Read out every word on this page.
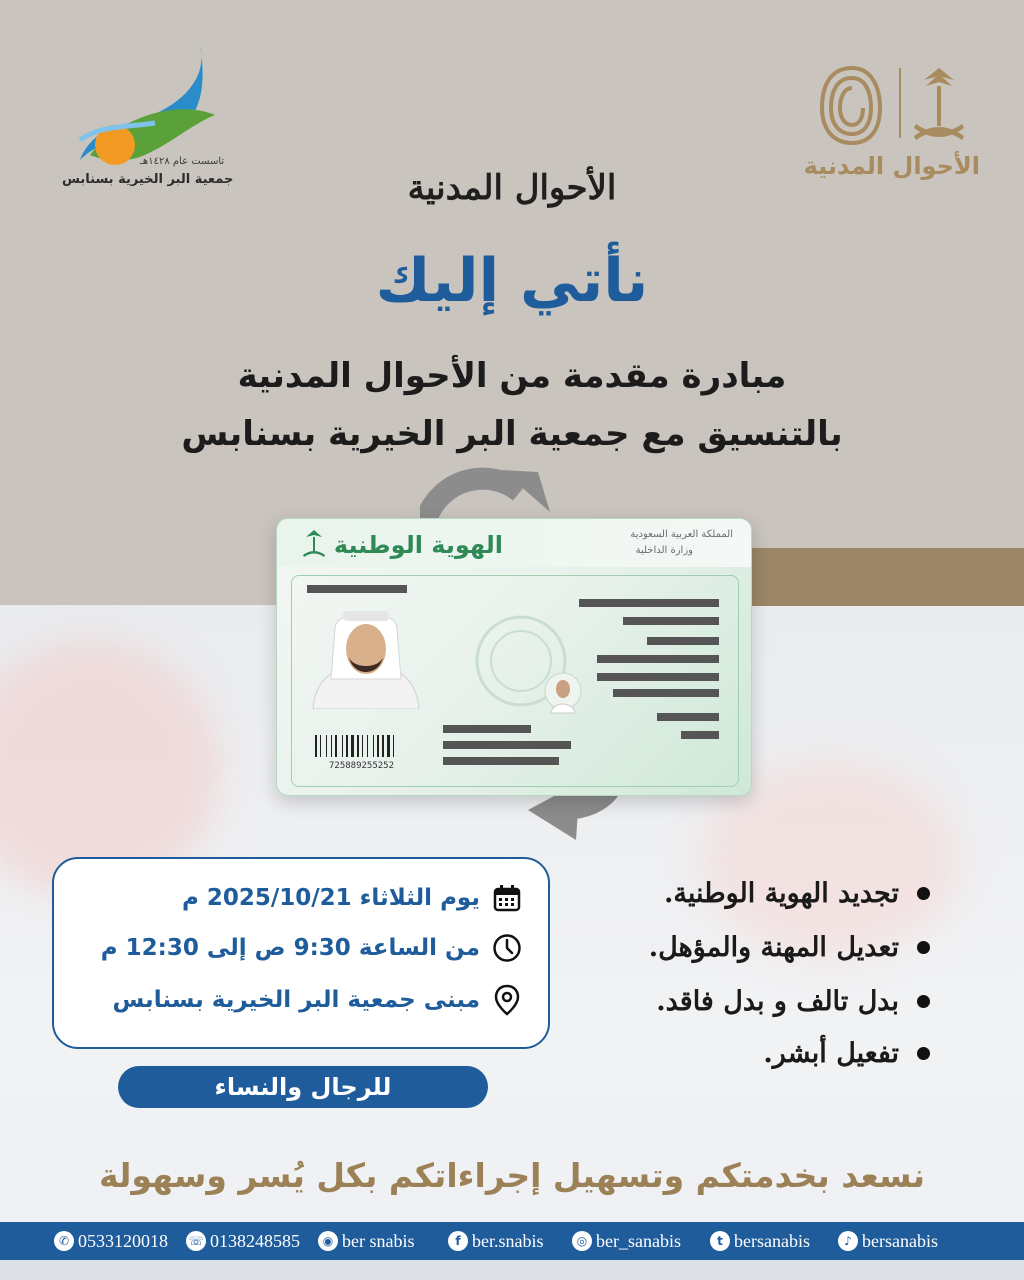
تاسست عام ١٤٢٨هـ
جمعية البر الخيرية بسنابس	الأحوال المدنية
الأحوال المدنية
نأتي إليك
مبادرة مقدمة من الأحوال المدنية
بالتنسيق مع جمعية البر الخيرية بسنابس
الهوية الوطنية	المملكة العربية السعودية
وزارة الداخلية
725889255252
يوم الثلاثاء 2025/10/21 م
من الساعة 9:30 ص إلى 12:30 م
مبنى جمعية البر الخيرية بسنابس
للرجال والنساء
تجديد الهوية الوطنية.
تعديل المهنة والمؤهل.
بدل تالف و بدل فاقد.
تفعيل أبشر.
نسعد بخدمتكم وتسهيل إجراءاتكم بكل يُسر وسهولة
✆ 0533120018 ☏ 0138248585	◉ ber snabis	f ber.snabis	◎ ber_sanabis	t bersanabis	♪ bersanabis
